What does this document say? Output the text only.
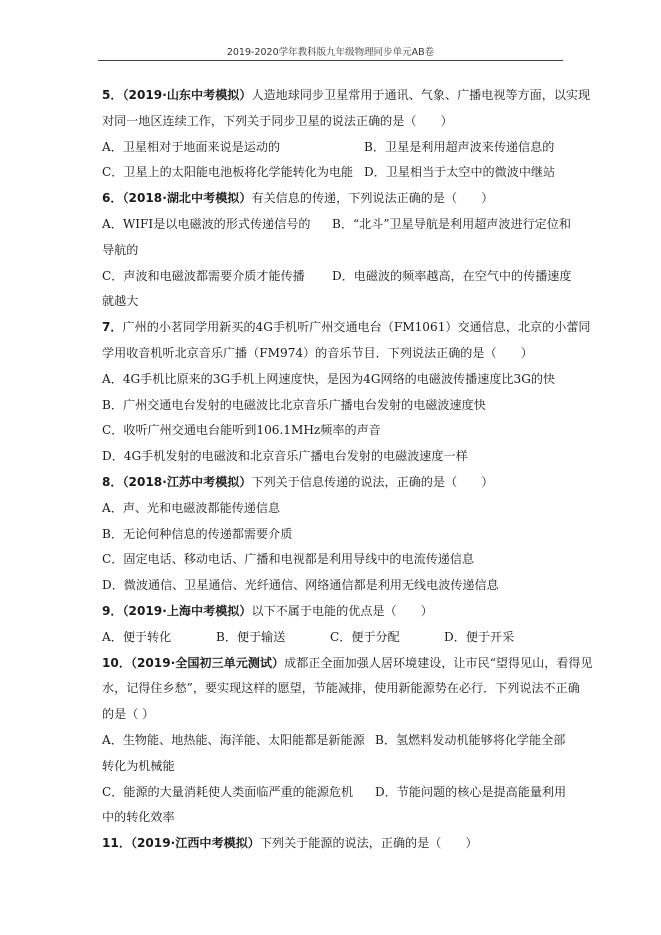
2019-2020学年教科版九年级物理同步单元AB卷
5．（2019·山东中考模拟）人造地球同步卫星常用于通讯、气象、广播电视等方面，以实现
对同一地区连续工作，下列关于同步卫星的说法正确的是（　　）
A．卫星相对于地面来说是运动的	B．卫星是利用超声波来传递信息的
C．卫星上的太阳能电池板将化学能转化为电能 D．卫星相当于太空中的微波中继站
6．（2018·湖北中考模拟）有关信息的传递，下列说法正确的是（　　）
A．WIFI是以电磁波的形式传递信号的 B．“北斗”卫星导航是利用超声波进行定位和
导航的
C．声波和电磁波都需要介质才能传播 D．电磁波的频率越高，在空气中的传播速度
就越大
7．广州的小茗同学用新买的4G手机听广州交通电台（FM1061）交通信息，北京的小蕾同
学用收音机听北京音乐广播（FM974）的音乐节目．下列说法正确的是（　　）
A．4G手机比原来的3G手机上网速度快，是因为4G网络的电磁波传播速度比3G的快
B．广州交通电台发射的电磁波比北京音乐广播电台发射的电磁波速度快
C．收听广州交通电台能听到106.1MHz频率的声音
D．4G手机发射的电磁波和北京音乐广播电台发射的电磁波速度一样
8．（2018·江苏中考模拟）下列关于信息传递的说法，正确的是（　　）
A．声、光和电磁波都能传递信息
B．无论何种信息的传递都需要介质
C．固定电话、移动电话、广播和电视都是利用导线中的电流传递信息
D．微波通信、卫星通信、光纤通信、网络通信都是利用无线电波传递信息
9．（2019·上海中考模拟）以下不属于电能的优点是（　　）
A．便于转化	B．便于输送	C．便于分配	D．便于开采
10．（2019·全国初三单元测试）成都正全面加强人居环境建设，让市民“望得见山，看得见
水，记得住乡愁”，要实现这样的愿望，节能减排，使用新能源势在必行．下列说法不正确
的是（ ）
A．生物能、地热能、海洋能、太阳能都是新能源 B．氢燃料发动机能够将化学能全部
转化为机械能
C．能源的大量消耗使人类面临严重的能源危机 D．节能问题的核心是提高能量利用
中的转化效率
11．（2019·江西中考模拟）下列关于能源的说法，正确的是（　　）
